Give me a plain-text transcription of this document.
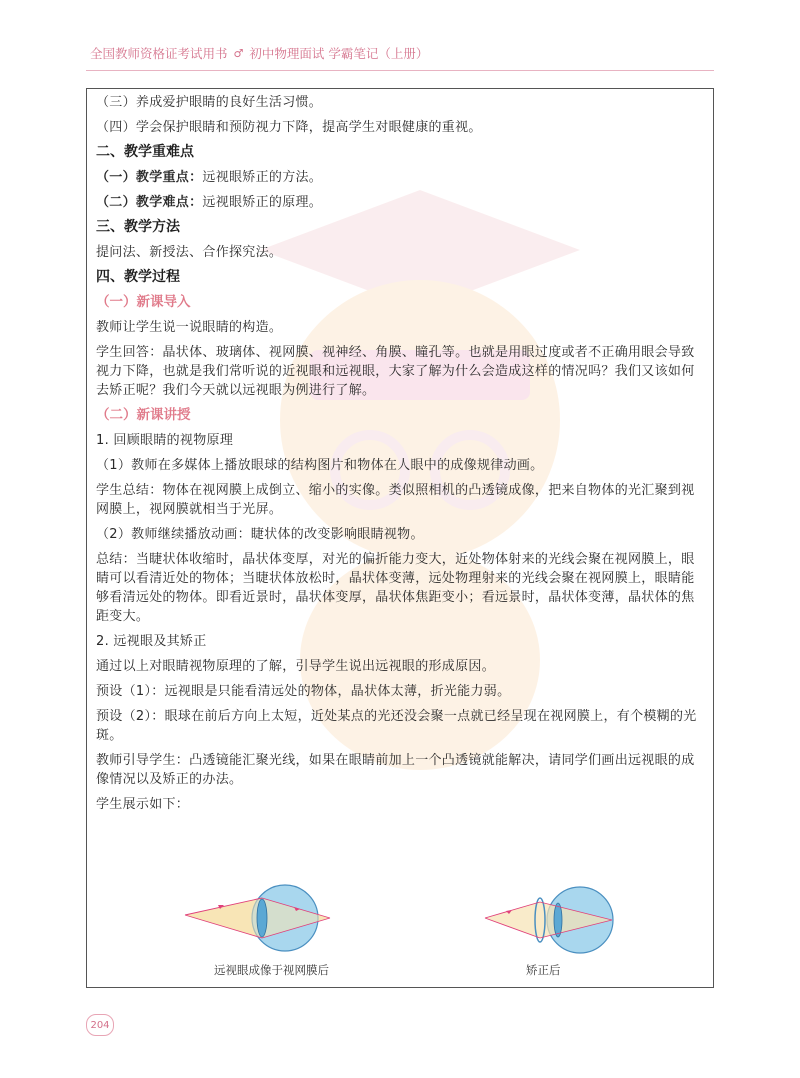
全国教师资格证考试用书 ♂ 初中物理面试 学霸笔记（上册）
（三）养成爱护眼睛的良好生活习惯。
（四）学会保护眼睛和预防视力下降，提高学生对眼健康的重视。
二、教学重难点
（一）教学重点：远视眼矫正的方法。
（二）教学难点：远视眼矫正的原理。
三、教学方法
提问法、新授法、合作探究法。
四、教学过程
（一）新课导入
教师让学生说一说眼睛的构造。
学生回答：晶状体、玻璃体、视网膜、视神经、角膜、瞳孔等。也就是用眼过度或者不正确用眼会导致视力下降，也就是我们常听说的近视眼和远视眼，大家了解为什么会造成这样的情况吗？我们又该如何去矫正呢？我们今天就以远视眼为例进行了解。
（二）新课讲授
1. 回顾眼睛的视物原理
（1）教师在多媒体上播放眼球的结构图片和物体在人眼中的成像规律动画。
学生总结：物体在视网膜上成倒立、缩小的实像。类似照相机的凸透镜成像，把来自物体的光汇聚到视网膜上，视网膜就相当于光屏。
（2）教师继续播放动画：睫状体的改变影响眼睛视物。
总结：当睫状体收缩时，晶状体变厚，对光的偏折能力变大，近处物体射来的光线会聚在视网膜上，眼睛可以看清近处的物体；当睫状体放松时，晶状体变薄，远处物理射来的光线会聚在视网膜上，眼睛能够看清远处的物体。即看近景时，晶状体变厚，晶状体焦距变小；看远景时，晶状体变薄，晶状体的焦距变大。
2. 远视眼及其矫正
通过以上对眼睛视物原理的了解，引导学生说出远视眼的形成原因。
预设（1）：远视眼是只能看清远处的物体，晶状体太薄，折光能力弱。
预设（2）：眼球在前后方向上太短，近处某点的光还没会聚一点就已经呈现在视网膜上，有个模糊的光斑。
教师引导学生：凸透镜能汇聚光线，如果在眼睛前加上一个凸透镜就能解决，请同学们画出远视眼的成像情况以及矫正的办法。
学生展示如下：
远视眼成像于视网膜后	矫正后
204
